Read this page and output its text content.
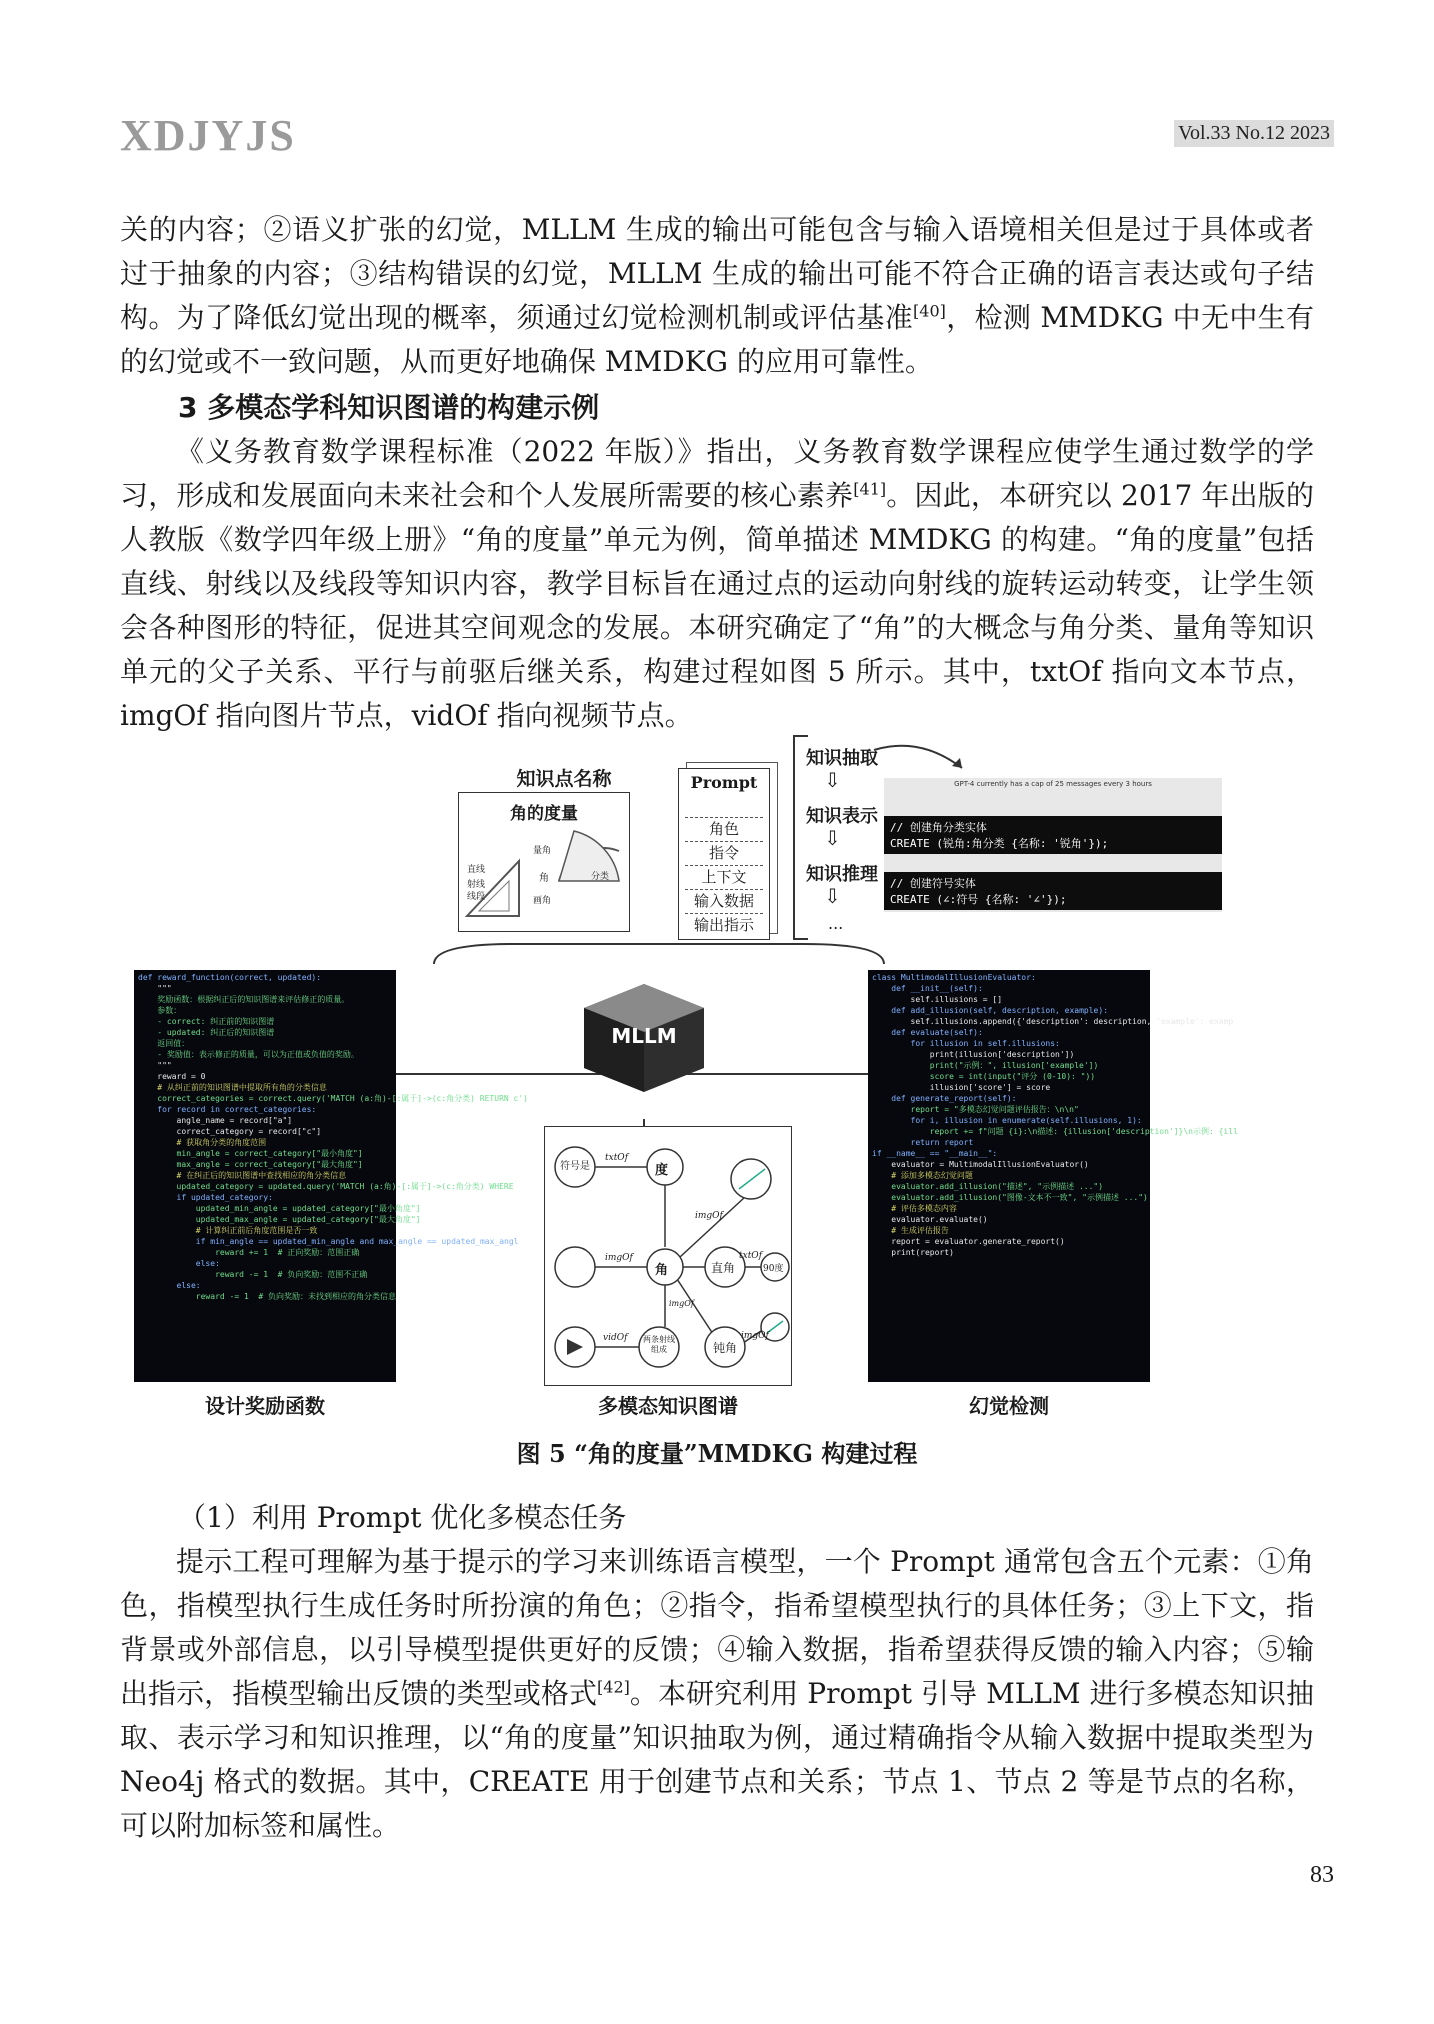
XDJYJS	Vol.33 No.12 2023

关的内容；②语义扩张的幻觉，MLLM 生成的输出可能包含与输入语境相关但是过于具体或者过于抽象的内容；③结构错误的幻觉，MLLM 生成的输出可能不符合正确的语言表达或句子结构。为了降低幻觉出现的概率，须通过幻觉检测机制或评估基准[40]，检测 MMDKG 中无中生有的幻觉或不一致问题，从而更好地确保 MMDKG 的应用可靠性。

3 多模态学科知识图谱的构建示例

《义务教育数学课程标准（2022 年版）》指出，义务教育数学课程应使学生通过数学的学习，形成和发展面向未来社会和个人发展所需要的核心素养[41]。因此，本研究以 2017 年出版的人教版《数学四年级上册》“角的度量”单元为例，简单描述 MMDKG 的构建。“角的度量”包括直线、射线以及线段等知识内容，教学目标旨在通过点的运动向射线的旋转运动转变，让学生领会各种图形的特征，促进其空间观念的发展。本研究确定了“角”的大概念与角分类、量角等知识单元的父子关系、平行与前驱后继关系，构建过程如图 5 所示。其中，txtOf 指向文本节点，imgOf 指向图片节点，vidOf 指向视频节点。

知识点名称
角的度量
直线
射线
线段
量角
角
画角
分类
Prompt
角色
指令
上下文
输入数据
输出指示
知识抽取
⇩
知识表示
⇩
知识推理
⇩
...
GPT-4 currently has a cap of 25 messages every 3 hours
// 创建角分类实体
CREATE (锐角:角分类 {名称: '锐角'});
// 创建符号实体
CREATE (∠:符号 {名称: '∠'});
MLLM
def reward_function(correct, updated):
"""
奖励函数：根据纠正后的知识图谱来评估修正的质量。
参数：
- correct: 纠正前的知识图谱
- updated: 纠正后的知识图谱
返回值：
- 奖励值：表示修正的质量，可以为正值或负值的奖励。
"""
reward = 0
# 从纠正前的知识图谱中提取所有角的分类信息
correct_categories = correct.query('MATCH (a:角)-[:属于]->(c:角分类) RETURN c')
for record in correct_categories:
angle_name = record["a"]
correct_category = record["c"]
# 获取角分类的角度范围
min_angle = correct_category["最小角度"]
max_angle = correct_category["最大角度"]
# 在纠正后的知识图谱中查找相应的角分类信息
updated_category = updated.query('MATCH (a:角)-[:属于]->(c:角分类) WHERE
if updated_category:
updated_min_angle = updated_category["最小角度"]
updated_max_angle = updated_category["最大角度"]
# 计算纠正前后角度范围是否一致
if min_angle == updated_min_angle and max_angle == updated_max_angl
reward += 1  # 正向奖励：范围正确
else:
reward -= 1  # 负向奖励：范围不正确
else:
reward -= 1  # 负向奖励：未找到相应的角分类信息
设计奖励函数
符号是	度
角	直角	90度
钝角
两条射线组成
txtOf
imgOf
imgOf	txtOf
vidOf
imgOf
imgOf
多模态知识图谱
class MultimodalIllusionEvaluator:
def __init__(self):
self.illusions = []
def add_illusion(self, description, example):
self.illusions.append({'description': description, 'example': examp
def evaluate(self):
for illusion in self.illusions:
print(illusion['description'])
print("示例：", illusion['example'])
score = int(input("评分 (0-10): "))
illusion['score'] = score
def generate_report(self):
report = "多模态幻觉问题评估报告：\n\n"
for i, illusion in enumerate(self.illusions, 1):
report += f"问题 {i}:\n描述: {illusion['description']}\n示例: {ill
return report
if __name__ == "__main__":
evaluator = MultimodalIllusionEvaluator()
# 添加多模态幻觉问题
evaluator.add_illusion("描述", "示例描述 ...")
evaluator.add_illusion("图像-文本不一致", "示例描述 ...")
# 评估多模态内容
evaluator.evaluate()
# 生成评估报告
report = evaluator.generate_report()
print(report)
幻觉检测
图 5 “角的度量”MMDKG 构建过程
（1）利用 Prompt 优化多模态任务

提示工程可理解为基于提示的学习来训练语言模型，一个 Prompt 通常包含五个元素：①角色，指模型执行生成任务时所扮演的角色；②指令，指希望模型执行的具体任务；③上下文，指背景或外部信息，以引导模型提供更好的反馈；④输入数据，指希望获得反馈的输入内容；⑤输出指示，指模型输出反馈的类型或格式[42]。本研究利用 Prompt 引导 MLLM 进行多模态知识抽取、表示学习和知识推理，以“角的度量”知识抽取为例，通过精确指令从输入数据中提取类型为 Neo4j 格式的数据。其中，CREATE 用于创建节点和关系；节点 1、节点 2 等是节点的名称，可以附加标签和属性。

83
